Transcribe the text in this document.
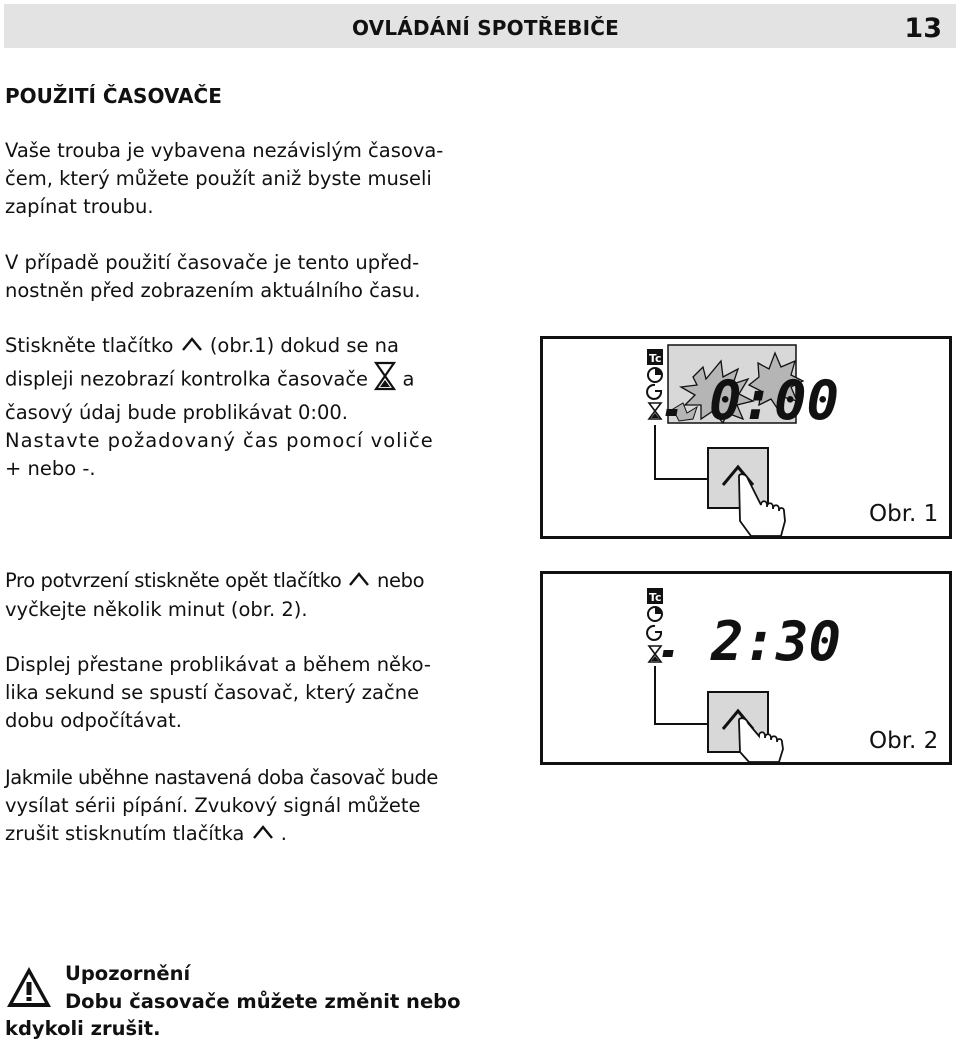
OVLÁDÁNÍ SPOTŘEBIČE	13
POUŽITÍ ČASOVAČE
Vaše trouba je vybavena nezávislým časova-
čem, který můžete použít aniž byste museli
zapínat troubu.
V případě použití časovače je tento upřed-
nostněn před zobrazením aktuálního času.
Stiskněte tlačítko (obr.1) dokud se na
displeji nezobrazí kontrolka časovače a
časový údaj bude problikávat 0:00.
Nastavte požadovaný čas pomocí voliče
+ nebo -.
Pro potvrzení stiskněte opět tlačítko nebo
vyčkejte několik minut (obr. 2).
Displej přestane problikávat a během něko-
lika sekund se spustí časovač, který začne
dobu odpočítávat.
Jakmile uběhne nastavená doba časovač bude
vysílat sérii pípání. Zvukový signál můžete
zrušit stisknutím tlačítka .
Tc
0:00
Obr. 1
Tc
2:30
Obr. 2
Upozornění
Dobu časovače můžete změnit nebo
kdykoli zrušit.
